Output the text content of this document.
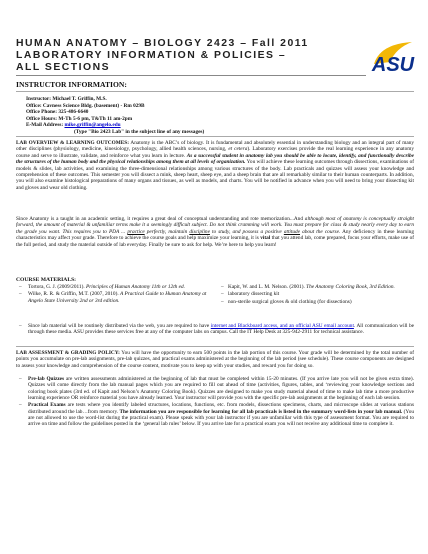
HUMAN ANATOMY – BIOLOGY 2423 – Fall 2011
LABORATORY INFORMATION & POLICIES –
ALL SECTIONS	ASU
INSTRUCTOR INFORMATION:
Instructor: Michael T. Griffin, M.S.
Office: Cavness Science Bldg. (basement) - Rm 029B
Office Phone: 325-486-6640
Office Hours: M-Th 5-6 pm, T&Th 11 am-2pm
E-Mail Address: mike.griffin@angelo.edu
(Type "Bio 2423 Lab" in the subject line of any messages)
LAB OVERVIEW & LEARNING OUTCOMES: Anatomy is the ABC’s of biology. It is fundamental and absolutely essential in understanding biology and an integral part of many other disciplines (physiology, medicine, kinesiology, psychology, allied health sciences, nursing, et cetera). Laboratory exercises provide the real learning experience in any anatomy course and serve to illustrate, validate, and reinforce what you learn in lecture. As a successful student in anatomy lab you should be able to locate, identify, and functionally describe the structures of the human body and the physical relationships among them at all levels of organization. You will achieve these learning outcomes through dissections, examinations of models & slides, lab activities, and examining the three-dimensional relationships among various structures of the body. Lab practicals and quizzes will assess your knowledge and comprehension of these outcomes. This semester you will dissect a mink, sheep heart, sheep eye, and a sheep brain that are all remarkably similar to their human counterparts. In addition, you will also examine histological preparations of many organs and tissues, as well as models, and charts. You will be notified in advance when you will need to bring your dissecting kit and gloves and wear old clothing.
Since Anatomy is a taught in an academic setting, it requires a great deal of conceptual understanding and rote memorization...And although most of anatomy is conceptually straight forward, the amount of material & unfamiliar terms make it a seemingly difficult subject. Do not think cramming will work. You must prepare for class & study nearly every day to earn the grade you want. This requires you to PDA ... practice perfectly, maintain discipline to study, and possess a positive attitude about the course. Any deficiency in these learning characteristics may affect your grade. Therefore to achieve the course goals and help maximize your learning, it is vital that you attend lab, come prepared, focus your efforts, make use of the full period, and study the material outside of lab everyday. Finally be sure to ask for help. We’re here to help you learn!
COURSE MATERIALS:
– Tortora, G. J. (2009/2011). Principles of Human Anatomy 11th or 12th ed.
– Wilke, R. R. & Griffin, M.T. (2007, 2010). A Practical Guide to Human Anatomy at Angelo State University 2nd or 3rd edition.
– Kapit, W. and L. M. Nelson. (2001). The Anatomy Coloring Book, 3rd Edition.
– laboratory dissecting kit
– non-sterile surgical gloves & old clothing (for dissections)
– Since lab material will be routinely distributed via the web, you are required to have internet and Blackboard access, and an official ASU email account. All communication will be through these media. ASU provides these services free at any of the computer labs on campus. Call the IT Help Desk at 325-942-2911 for technical assistance.
LAB ASSESSMENT & GRADING POLICY: You will have the opportunity to earn 500 points in the lab portion of this course. Your grade will be determined by the total number of points you accumulate on pre-lab assignments, pre-lab quizzes, and practical exams administered at the beginning of the lab period (see schedule). These course components are designed to assess your knowledge and comprehension of the course content, motivate you to keep up with your studies, and reward you for doing so.
– Pre-lab Quizzes are written assessments administered at the beginning of lab that must be completed within 15-20 minutes. (If you arrive late you will not be given extra time). Quizzes will come directly from the lab manual pages which you are required to fill out ahead of time (activities, figures, tables, and ‘reviewing your knowledge sections and coloring book plates (3rd ed. of Kapit and Nelson’s Anatomy Coloring Book). Quizzes are designed to make you study material ahead of time to make lab time a more productive learning experience OR reinforce material you have already learned. Your instructor will provide you with the specific pre-lab assignments at the beginning of each lab session.
– Practical Exams are tests where you identify labeled structures, locations, functions, etc. from models, dissections specimens, charts, and microscope slides at various stations distributed around the lab…from memory. The information you are responsible for learning for all lab practicals is listed in the summary word-lists in your lab manual. (You are not allowed to use the word-list during the practical exam). Please speak with your lab instructor if you are unfamiliar with this type of assessment format. You are required to arrive on time and follow the guidelines posted in the ‘general lab rules’ below. If you arrive late for a practical exam you will not receive any additional time to complete it.
